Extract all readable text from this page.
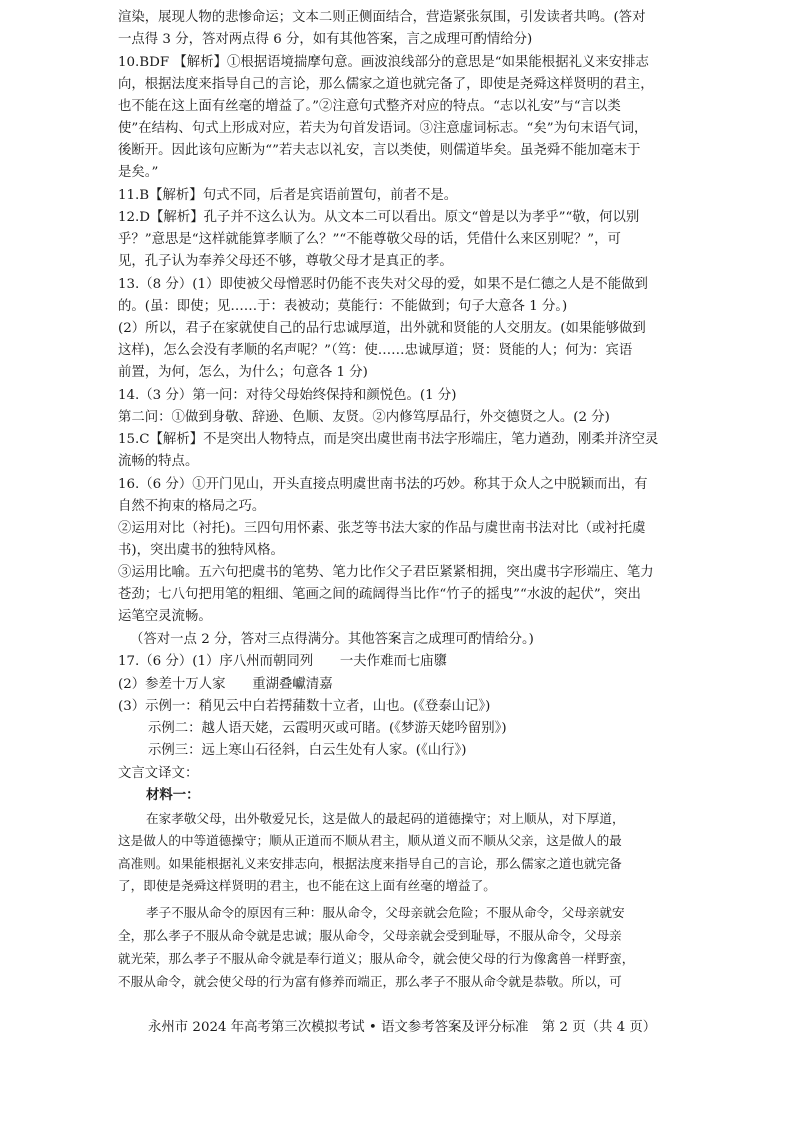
渲染，展现人物的悲惨命运；文本二则正侧面结合，营造紧张氛围，引发读者共鸣。(答对
一点得 3 分，答对两点得 6 分，如有其他答案，言之成理可酌情给分)
10.BDF 【解析】①根据语境揣摩句意。画波浪线部分的意思是“如果能根据礼义来安排志
向，根据法度来指导自己的言论，那么儒家之道也就完备了，即使是尧舜这样贤明的君主，
也不能在这上面有丝毫的增益了。”②注意句式整齐对应的特点。“志以礼安”与“言以类
使”在结构、句式上形成对应，若夫为句首发语词。③注意虚词标志。“矣”为句末语气词，
後断开。因此该句应断为“”若夫志以礼安，言以类使，则儒道毕矣。虽尧舜不能加毫末于
是矣。”
11.B【解析】句式不同，后者是宾语前置句，前者不是。
12.D【解析】孔子并不这么认为。从文本二可以看出。原文“曾是以为孝乎”“敬，何以别
乎？”意思是“这样就能算孝顺了么？”“不能尊敬父母的话，凭借什么来区别呢？”，可
见，孔子认为奉养父母还不够，尊敬父母才是真正的孝。
13.（8 分）(1）即使被父母憎恶时仍能不丧失对父母的爱，如果不是仁德之人是不能做到
的。(虽：即使；见……于：表被动；莫能行：不能做到；句子大意各 1 分。)
(2）所以，君子在家就使自己的品行忠诚厚道，出外就和贤能的人交朋友。(如果能够做到
这样)，怎么会没有孝顺的名声呢？”（笃：使……忠诚厚道；贤：贤能的人；何为：宾语
前置，为何，怎么，为什么；句意各 1 分)
14.（3 分）第一问：对待父母始终保持和颜悦色。(1 分)
第二问：①做到身敬、辞逊、色顺、友贤。②内修笃厚品行，外交德贤之人。(2 分)
15.C【解析】不是突出人物特点，而是突出虞世南书法字形端庄，笔力遒劲，刚柔并济空灵
流畅的特点。
16.（6 分）①开门见山，开头直接点明虞世南书法的巧妙。称其于众人之中脱颖而出，有
自然不拘束的格局之巧。
②运用对比（衬托)。三四句用怀素、张芝等书法大家的作品与虞世南书法对比（或衬托虞
书)，突出虞书的独特风格。
③运用比喻。五六句把虞书的笔势、笔力比作父子君臣紧紧相拥，突出虞书字形端庄、笔力
苍劲；七八句把用笔的粗细、笔画之间的疏阔得当比作“竹子的摇曳”“水波的起伏”，突出
运笔空灵流畅。
（答对一点 2 分，答对三点得满分。其他答案言之成理可酌情给分。)
17.（6 分）(1）序八州而朝同列　　一夫作难而七庙隳
(2）参差十万人家　　重湖叠巘清嘉
(3）示例一：稍见云中白若摴蒱数十立者，山也。(《登泰山记》)
示例二：越人语天姥，云霞明灭或可睹。(《梦游天姥吟留别》)
示例三：远上寒山石径斜，白云生处有人家。(《山行》)
文言文译文：
材料一：
在家孝敬父母，出外敬爱兄长，这是做人的最起码的道德操守；对上顺从，对下厚道，
这是做人的中等道德操守；顺从正道而不顺从君主，顺从道义而不顺从父亲，这是做人的最
高准则。如果能根据礼义来安排志向，根据法度来指导自己的言论，那么儒家之道也就完备
了，即使是尧舜这样贤明的君主，也不能在这上面有丝毫的增益了。
孝子不服从命令的原因有三种：服从命令，父母亲就会危险；不服从命令，父母亲就安
全，那么孝子不服从命令就是忠诚；服从命令，父母亲就会受到耻辱，不服从命令，父母亲
就光荣，那么孝子不服从命令就是奉行道义；服从命令，就会使父母的行为像禽兽一样野蛮，
不服从命令，就会使父母的行为富有修养而端正，那么孝子不服从命令就是恭敬。所以，可
永州市 2024 年高考第三次模拟考试 • 语文参考答案及评分标准　第 2 页（共 4 页）
